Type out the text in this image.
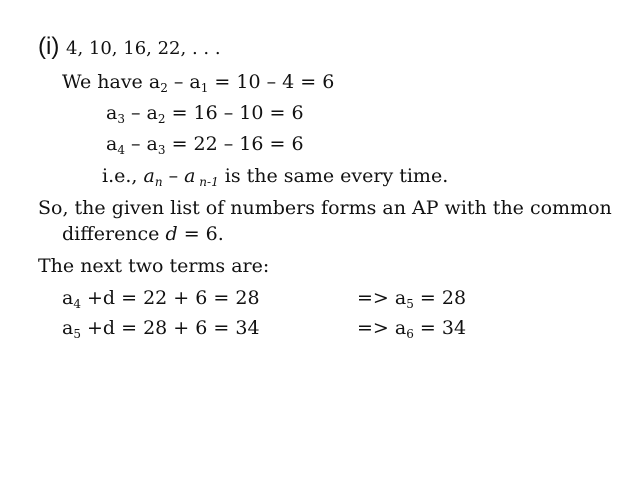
(i) 4, 10, 16, 22, . . .
We have $a_2 - a_1 = 10 - 4 = 6$
$a_3 - a_2 = 16 - 10 = 6$
$a_4 - a_3 = 22 - 16 = 6$
i.e., $a_n$ – a $_{n-1}$ is the same every time.
So, the given list of numbers forms an AP with the common
difference d = 6.
The next two terms are:
$a_4 +d = 22 + 6 = 28$	=> $a_5 = 28$
$a_5 +d = 28 + 6 = 34$	=> $a_6 = 34$
